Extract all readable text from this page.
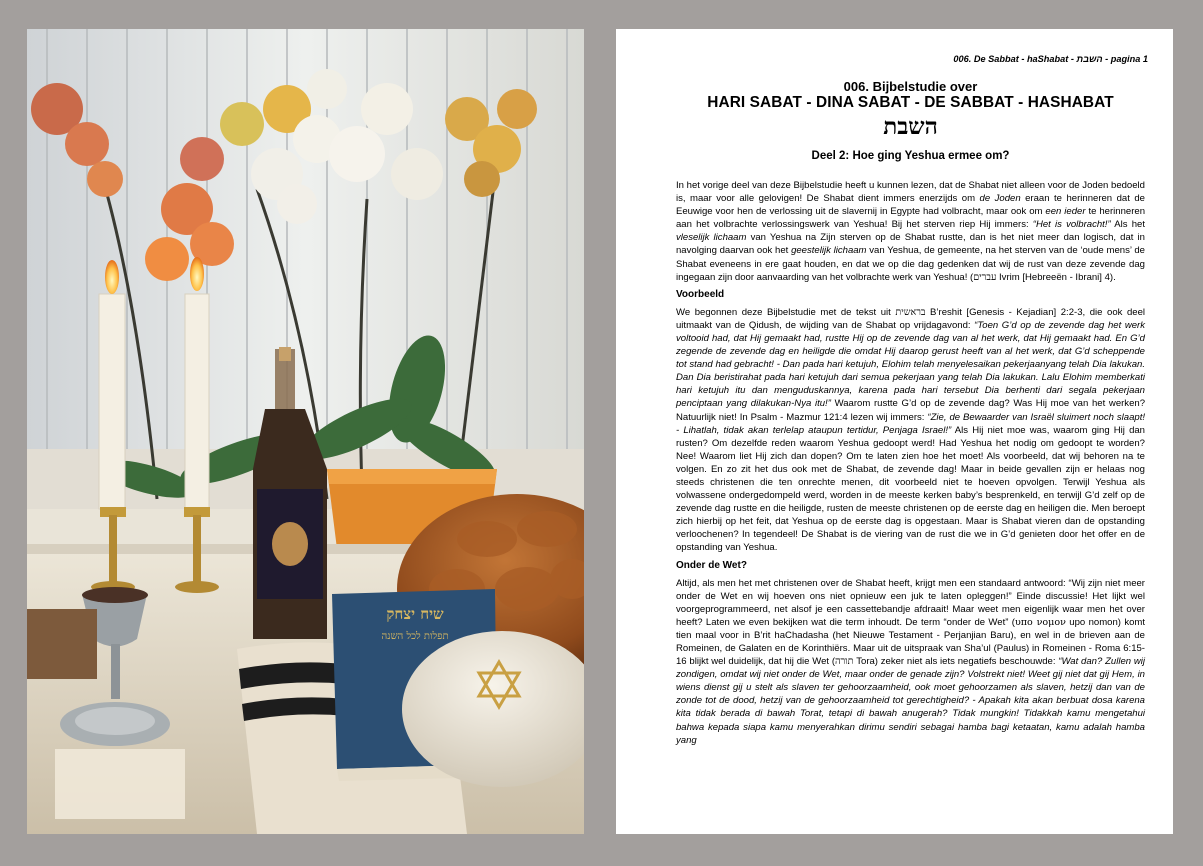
שיח יצחק
תפלות לכל השנה
006. De Sabbat - haShabat - השבת - pagina 1
006. Bijbelstudie over
HARI SABAT - DINA SABAT - DE SABBAT - HASHABAT
השבת
Deel 2: Hoe ging Yeshua ermee om?

In het vorige deel van deze Bijbelstudie heeft u kunnen lezen, dat de Shabat niet alleen voor de Joden bedoeld is, maar voor alle gelovigen! De Shabat dient immers enerzijds om de Joden eraan te herinneren dat de Eeuwige voor hen de verlossing uit de slavernij in Egypte had volbracht, maar ook om een ieder te herinneren aan het volbrachte verlossingswerk van Yeshua! Bij het sterven riep Hij immers: “Het is volbracht!” Als het vleselijk lichaam van Yeshua na Zijn sterven op de Shabat rustte, dan is het niet meer dan logisch, dat in navolging daarvan ook het geestelijk lichaam van Yeshua, de gemeente, na het sterven van de ‘oude mens’ de Shabat eveneens in ere gaat houden, en dat we op die dag gedenken dat wij de rust van deze zevende dag ingegaan zijn door aanvaarding van het volbrachte werk van Yeshua! (עברים Ivrim [Hebreeën - Ibrani] 4).

Voorbeeld

We begonnen deze Bijbelstudie met de tekst uit בראשית B’reshit [Genesis - Kejadian] 2:2-3, die ook deel uitmaakt van de Qidush, de wijding van de Shabat op vrijdagavond: “Toen G’d op de zevende dag het werk voltooid had, dat Hij gemaakt had, rustte Hij op de zevende dag van al het werk, dat Hij gemaakt had. En G’d zegende de zevende dag en heiligde die omdat Hij daarop gerust heeft van al het werk, dat G’d scheppende tot stand had gebracht! - Dan pada hari ketujuh, Elohim telah menyelesaikan pekerjaanyang telah Dia lakukan. Dan Dia beristirahat pada hari ketujuh dari semua pekerjaan yang telah Dia lakukan. Lalu Elohim memberkati hari ketujuh itu dan menguduskannya, karena pada hari tersebut Dia berhenti dari segala pekerjaan penciptaan yang dilakukan-Nya itu!” Waarom rustte G’d op de zevende dag? Was Hij moe van het werken? Natuurlijk niet! In Psalm - Mazmur 121:4 lezen wij immers: “Zie, de Bewaarder van Israël sluimert noch slaapt! - Lihatlah, tidak akan terlelap ataupun tertidur, Penjaga Israel!” Als Hij niet moe was, waarom ging Hij dan rusten? Om dezelfde reden waarom Yeshua gedoopt werd! Had Yeshua het nodig om gedoopt te worden? Nee! Waarom liet Hij zich dan dopen? Om te laten zien hoe het moet! Als voorbeeld, dat wij behoren na te volgen. En zo zit het dus ook met de Shabat, de zevende dag! Maar in beide gevallen zijn er helaas nog steeds christenen die ten onrechte menen, dit voorbeeld niet te hoeven opvolgen. Terwijl Yeshua als volwassene ondergedompeld werd, worden in de meeste kerken baby’s besprenkeld, en terwijl G’d zelf op de zevende dag rustte en die heiligde, rusten de meeste christenen op de eerste dag en heiligen die. Men beroept zich hierbij op het feit, dat Yeshua op de eerste dag is opgestaan. Maar is Shabat vieren dan de opstanding verloochenen? In tegendeel! De Shabat is de viering van de rust die we in G’d genieten door het offer en de opstanding van Yeshua.

Onder de Wet?

Altijd, als men het met christenen over de Shabat heeft, krijgt men een standaard antwoord: “Wij zijn niet meer onder de Wet en wij hoeven ons niet opnieuw een juk te laten opleggen!” Einde discussie! Het lijkt wel voorgeprogrammeerd, net alsof je een cassettebandje afdraait! Maar weet men eigenlijk waar men het over heeft? Laten we even bekijken wat die term inhoudt. De term “onder de Wet” (υπο νομον upo nomon) komt tien maal voor in B’rit haChadasha (het Nieuwe Testament - Perjanjian Baru), en wel in de brieven aan de Romeinen, de Galaten en de Korinthiërs. Maar uit de uitspraak van Sha’ul (Paulus) in Romeinen - Roma 6:15-16 blijkt wel duidelijk, dat hij die Wet (תורה Tora) zeker niet als iets negatiefs beschouwde: “Wat dan? Zullen wij zondigen, omdat wij niet onder de Wet, maar onder de genade zijn? Volstrekt niet! Weet gij niet dat gij Hem, in wiens dienst gij u stelt als slaven ter gehoorzaamheid, ook moet gehoorzamen als slaven, hetzij dan van de zonde tot de dood, hetzij van de gehoorzaamheid tot gerechtigheid? - Apakah kita akan berbuat dosa karena kita tidak berada di bawah Torat, tetapi di bawah anugerah? Tidak mungkin! Tidakkah kamu mengetahui bahwa kepada siapa kamu menyerahkan dirimu sendiri sebagai hamba bagi ketaatan, kamu adalah hamba yang
